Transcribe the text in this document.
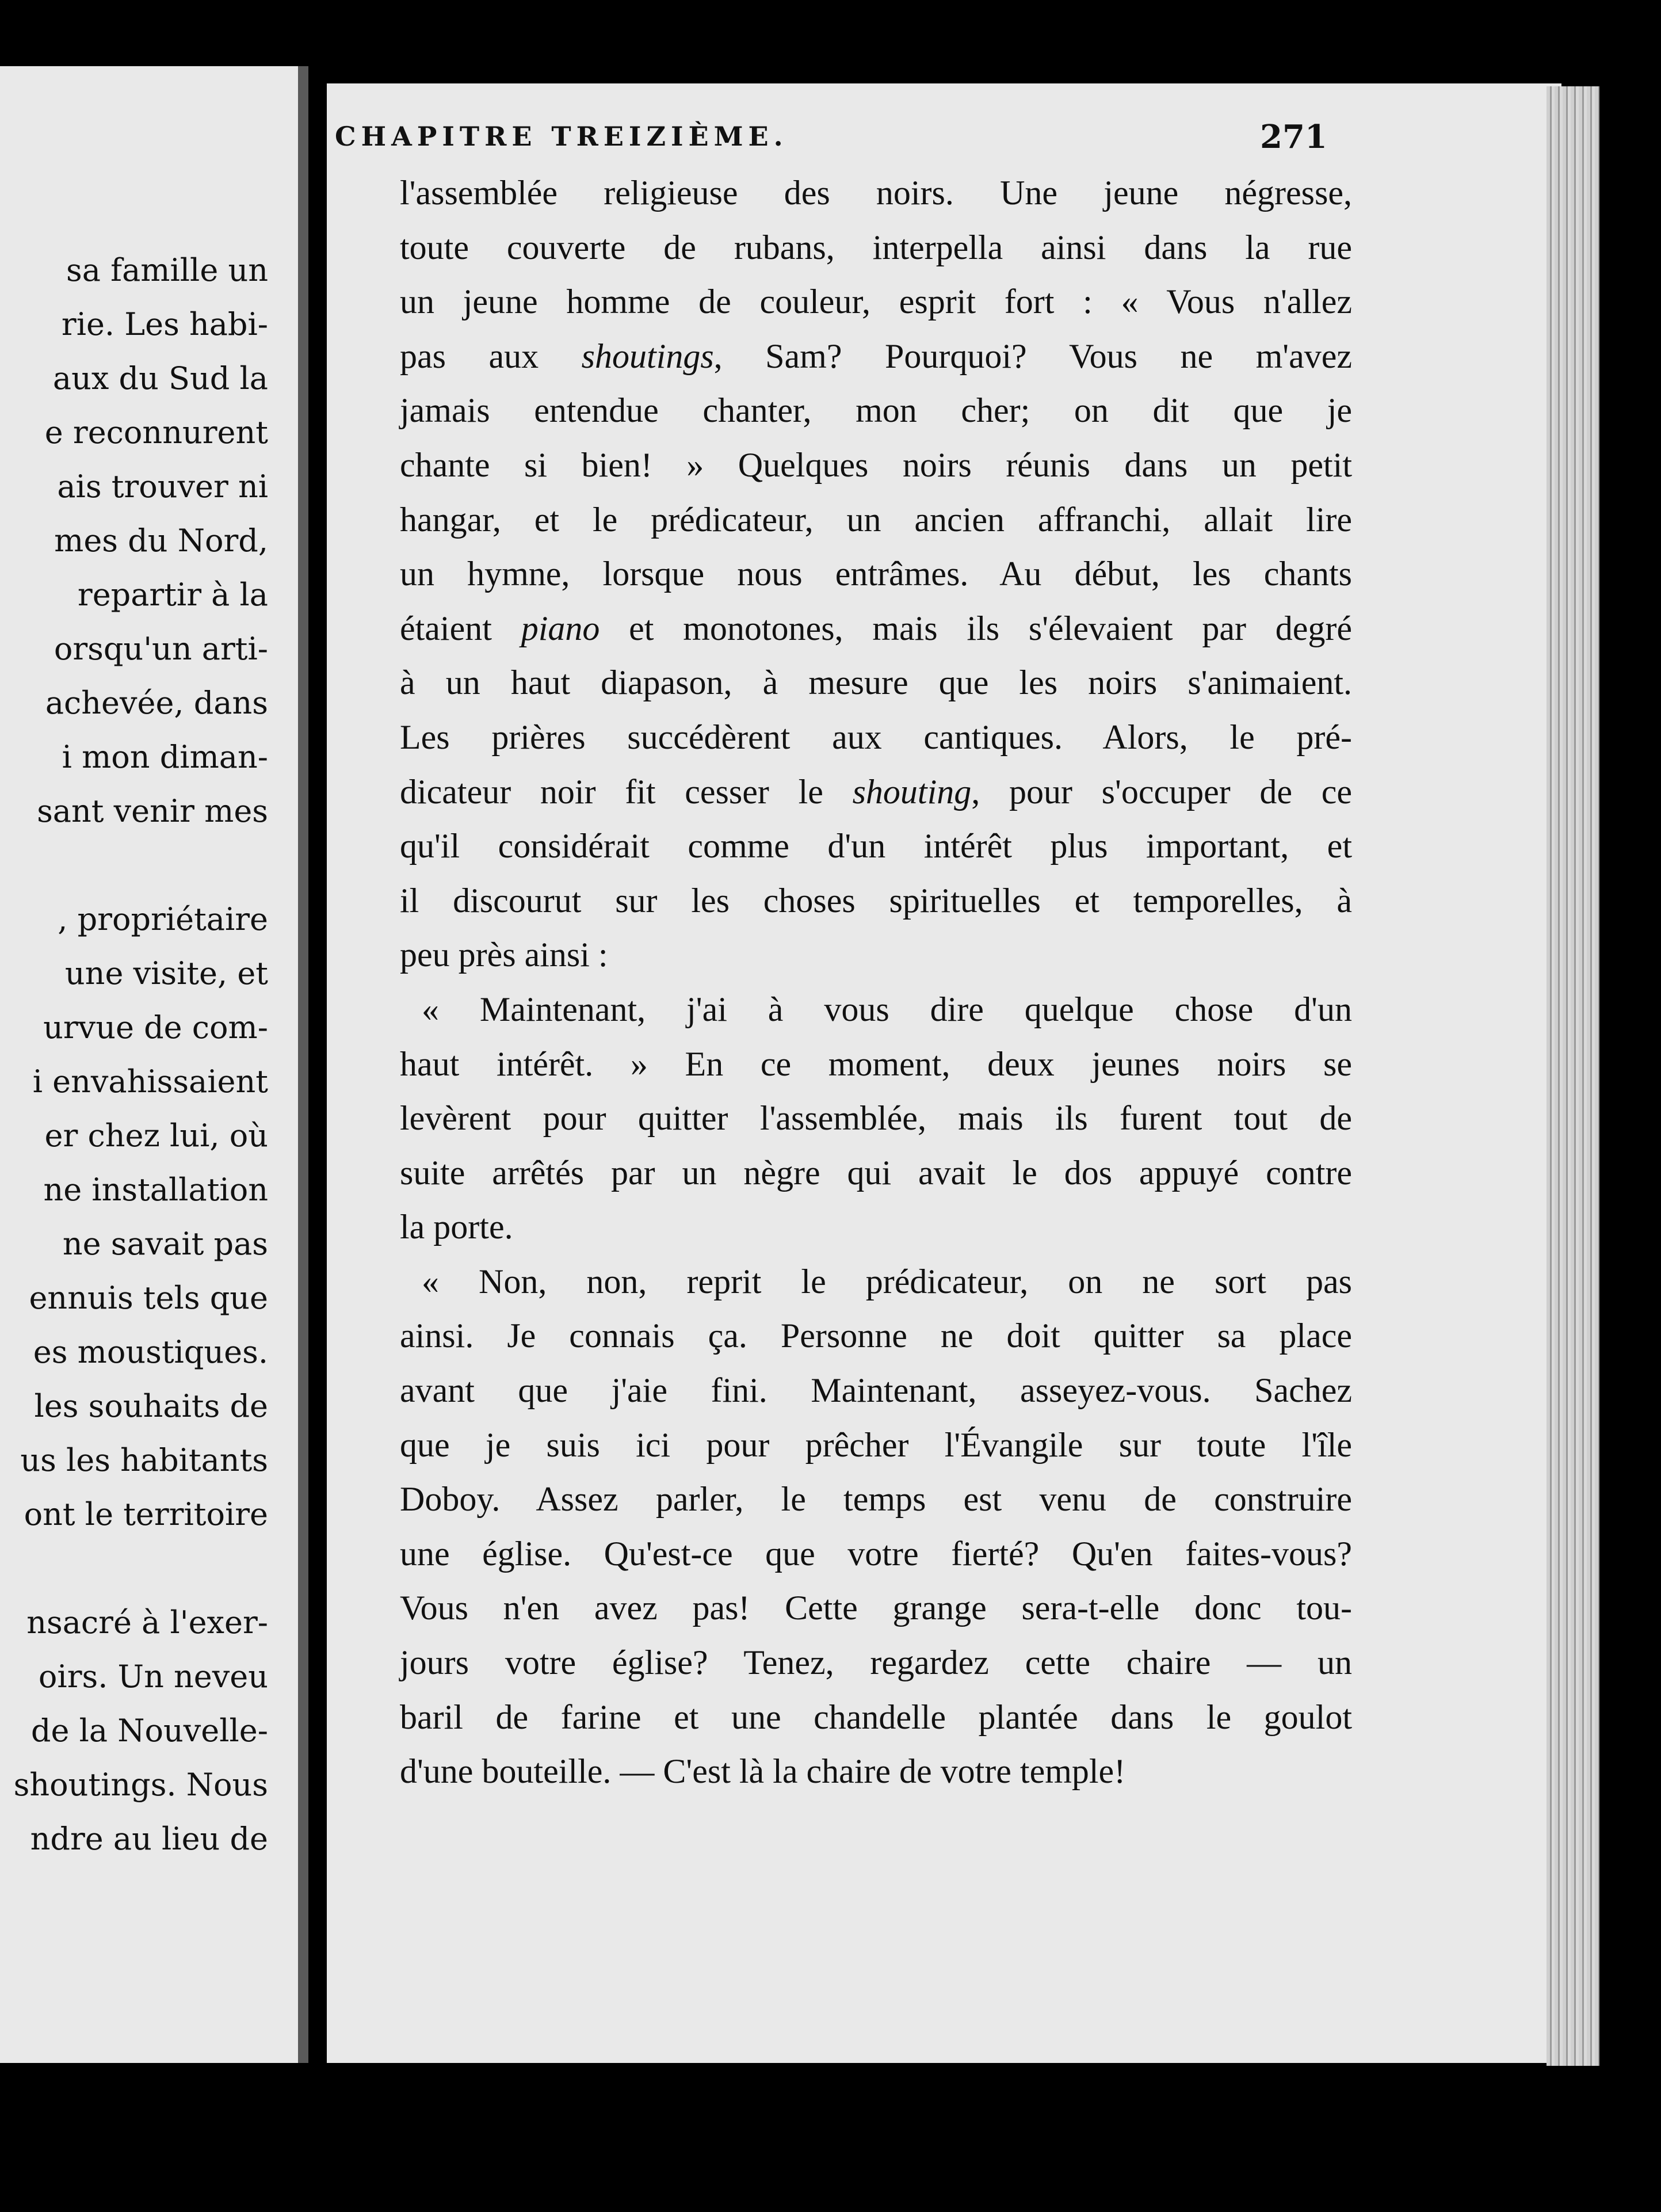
sa famille un
rie. Les habi-
aux du Sud la
e reconnurent
ais trouver ni
mes du Nord,
repartir à la
orsqu'un arti-
achevée, dans
i mon diman-
sant venir mes
, propriétaire
une visite, et
urvue de com-
i envahissaient
er chez lui, où
ne installation
ne savait pas
ennuis tels que
es moustiques.
les souhaits de
us les habitants
ont le territoire
nsacré à l'exer-
oirs. Un neveu
de la Nouvelle-
shoutings. Nous
ndre au lieu de
CHAPITRE TREIZIÈME.	271

l'assemblée religieuse des noirs. Une jeune négresse,
toute couverte de rubans, interpella ainsi dans la rue
un jeune homme de couleur, esprit fort : « Vous n'allez
pas aux shoutings, Sam? Pourquoi? Vous ne m'avez
jamais entendue chanter, mon cher; on dit que je
chante si bien! » Quelques noirs réunis dans un petit
hangar, et le prédicateur, un ancien affranchi, allait lire
un hymne, lorsque nous entrâmes. Au début, les chants
étaient piano et monotones, mais ils s'élevaient par degré
à un haut diapason, à mesure que les noirs s'animaient.
Les prières succédèrent aux cantiques. Alors, le pré-
dicateur noir fit cesser le shouting, pour s'occuper de ce
qu'il considérait comme d'un intérêt plus important, et
il discourut sur les choses spirituelles et temporelles, à
peu près ainsi :

« Maintenant, j'ai à vous dire quelque chose d'un
haut intérêt. » En ce moment, deux jeunes noirs se
levèrent pour quitter l'assemblée, mais ils furent tout de
suite arrêtés par un nègre qui avait le dos appuyé contre
la porte.

« Non, non, reprit le prédicateur, on ne sort pas
ainsi. Je connais ça. Personne ne doit quitter sa place
avant que j'aie fini. Maintenant, asseyez-vous. Sachez
que je suis ici pour prêcher l'Évangile sur toute l'île
Doboy. Assez parler, le temps est venu de construire
une église. Qu'est-ce que votre fierté? Qu'en faites-vous?
Vous n'en avez pas! Cette grange sera-t-elle donc tou-
jours votre église? Tenez, regardez cette chaire — un
baril de farine et une chandelle plantée dans le goulot
d'une bouteille. — C'est là la chaire de votre temple!
